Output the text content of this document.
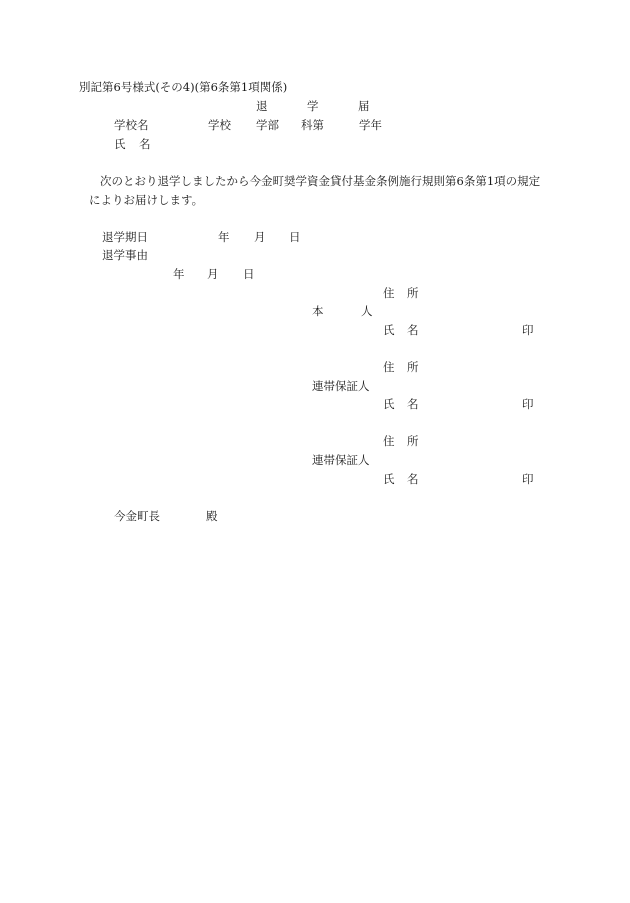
別記第6号様式(その4)(第6条第1項関係)
退	学	届
学校名	学校 学部 科第	学年
氏 名
次のとおり退学しましたから今金町奨学資金貸付基金条例施行規則第6条第1項の規定
によりお届けします。
退学期日	年 月 日
退学事由
年 月 日
住 所
本	人
氏 名	印
住 所
連帯保証人
氏 名	印
住 所
連帯保証人
氏 名	印
今金町長	殿
